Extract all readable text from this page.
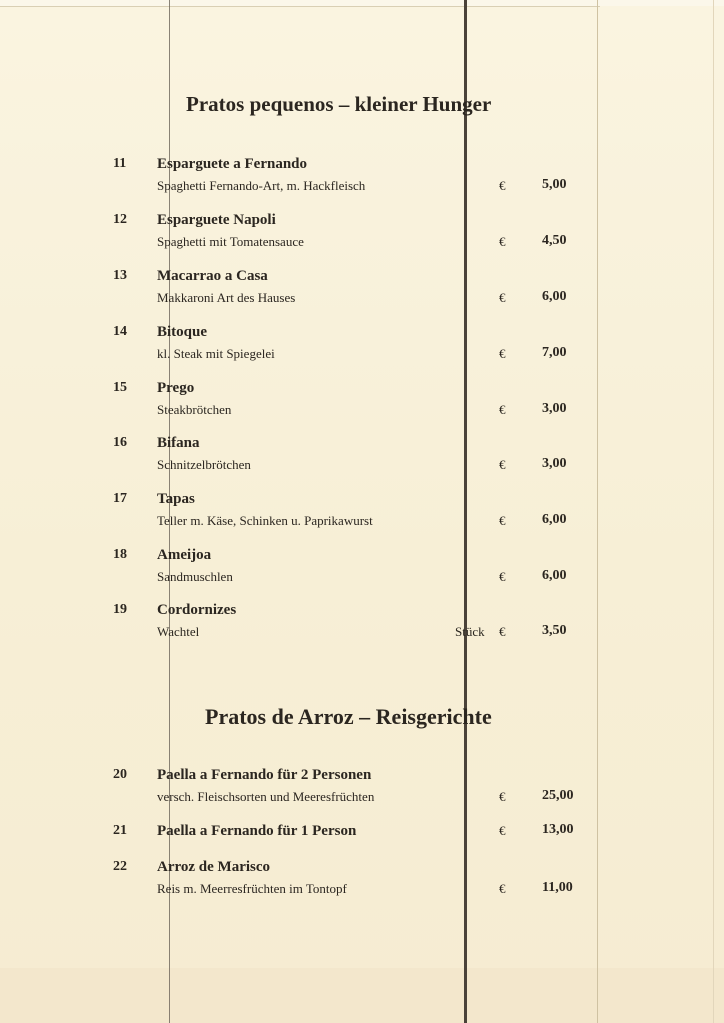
Pratos pequenos – kleiner Hunger
11 Esparguete a Fernando
Spaghetti Fernando-Art, m. Hackfleisch	€	5,00
12 Esparguete Napoli
Spaghetti mit Tomatensauce	€	4,50
13 Macarrao a Casa
Makkaroni Art des Hauses	€	6,00
14 Bitoque
kl. Steak mit Spiegelei	€	7,00
15 Prego
Steakbrötchen	€	3,00
16 Bifana
Schnitzelbrötchen	€	3,00
17 Tapas
Teller m. Käse, Schinken u. Paprikawurst	€	6,00
18 Ameijoa
Sandmuschlen	€	6,00
19 Cordornizes
Wachtel	Stück €	3,50
Pratos de Arroz – Reisgerichte
20 Paella a Fernando für 2 Personen
versch. Fleischsorten und Meeresfrüchten	€	25,00
21 Paella a Fernando für 1 Person	€	13,00
22 Arroz de Marisco
Reis m. Meerresfrüchten im Tontopf	€	11,00
